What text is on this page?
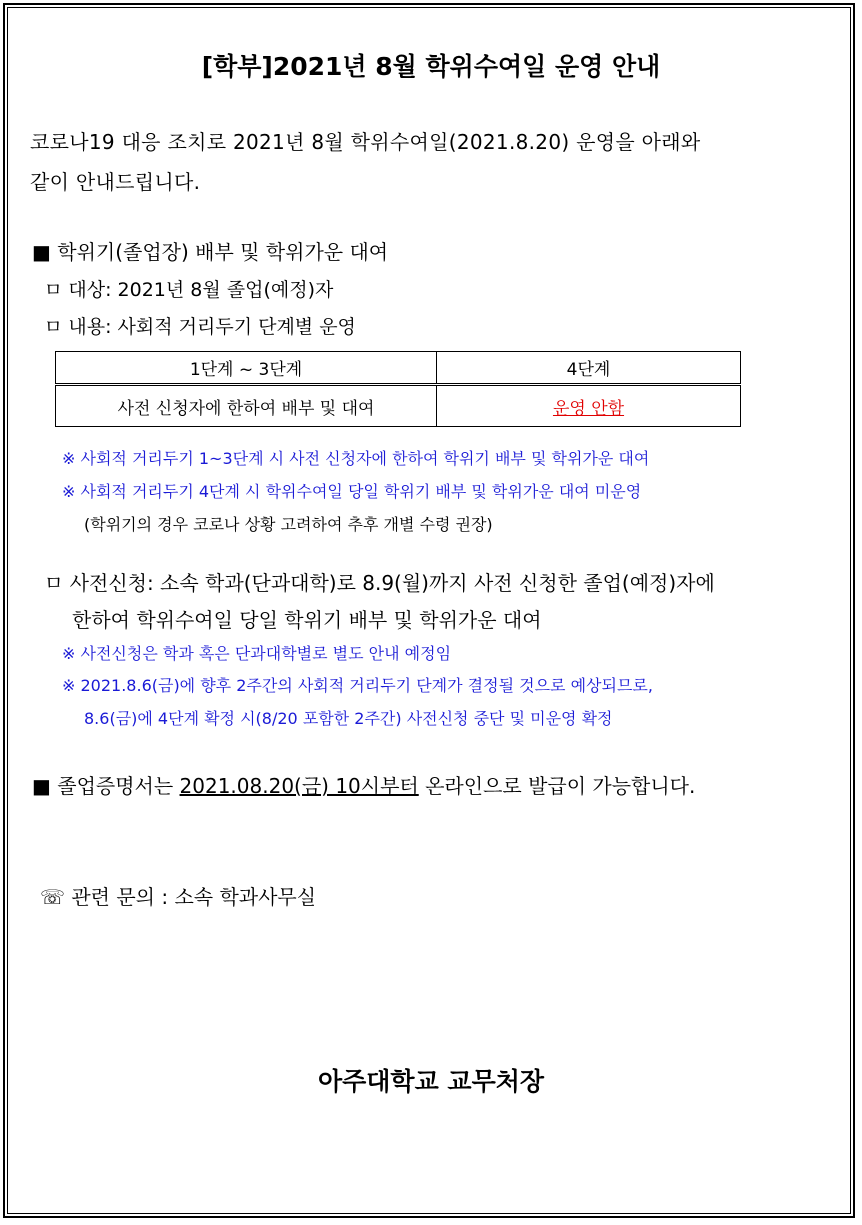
[학부]2021년 8월 학위수여일 운영 안내
코로나19 대응 조치로 2021년 8월 학위수여일(2021.8.20) 운영을 아래와
같이 안내드립니다.
■ 학위기(졸업장) 배부 및 학위가운 대여
ㅁ 대상: 2021년 8월 졸업(예정)자
ㅁ 내용: 사회적 거리두기 단계별 운영
1단계 ~ 3단계	4단계
사전 신청자에 한하여 배부 및 대여	운영 안함
※ 사회적 거리두기 1~3단계 시 사전 신청자에 한하여 학위기 배부 및 학위가운 대여
※ 사회적 거리두기 4단계 시 학위수여일 당일 학위기 배부 및 학위가운 대여 미운영
(학위기의 경우 코로나 상황 고려하여 추후 개별 수령 권장)
ㅁ 사전신청: 소속 학과(단과대학)로 8.9(월)까지 사전 신청한 졸업(예정)자에
한하여 학위수여일 당일 학위기 배부 및 학위가운 대여
※ 사전신청은 학과 혹은 단과대학별로 별도 안내 예정임
※ 2021.8.6(금)에 향후 2주간의 사회적 거리두기 단계가 결정될 것으로 예상되므로,
8.6(금)에 4단계 확정 시(8/20 포함한 2주간) 사전신청 중단 및 미운영 확정
■ 졸업증명서는 2021.08.20(금) 10시부터 온라인으로 발급이 가능합니다.
☏ 관련 문의 : 소속 학과사무실
아주대학교 교무처장
